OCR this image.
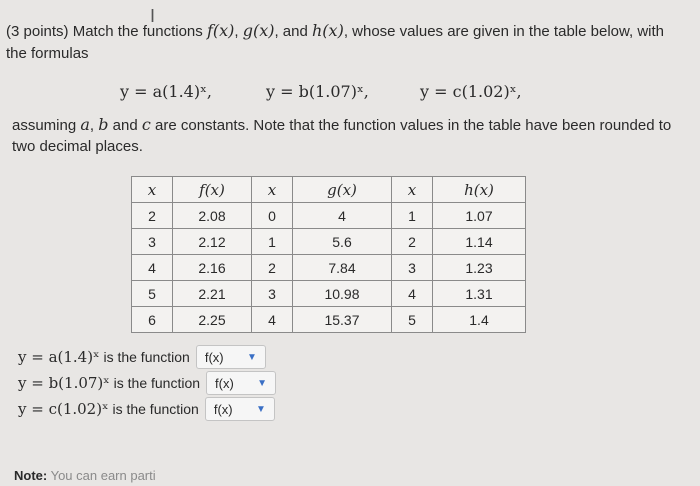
I
(3 points) Match the functions f(x), g(x), and h(x), whose values are given in the table below, with the formulas
y = a(1.4)ˣ,	y = b(1.07)ˣ,	y = c(1.02)ˣ,
assuming a, b and c are constants. Note that the function values in the table have been rounded to two decimal places.
x	f(x)	x	g(x)	x	h(x)
2	2.08	0	4	1	1.07
3	2.12	1	5.6	2	1.14
4	2.16	2	7.84	3	1.23
5	2.21	3	10.98	4	1.31
6	2.25	4	15.37	5	1.4
y = a(1.4)ˣ is the function f(x) ▼
y = b(1.07)ˣ is the function f(x) ▼
y = c(1.02)ˣ is the function f(x) ▼
Note: You can earn parti
